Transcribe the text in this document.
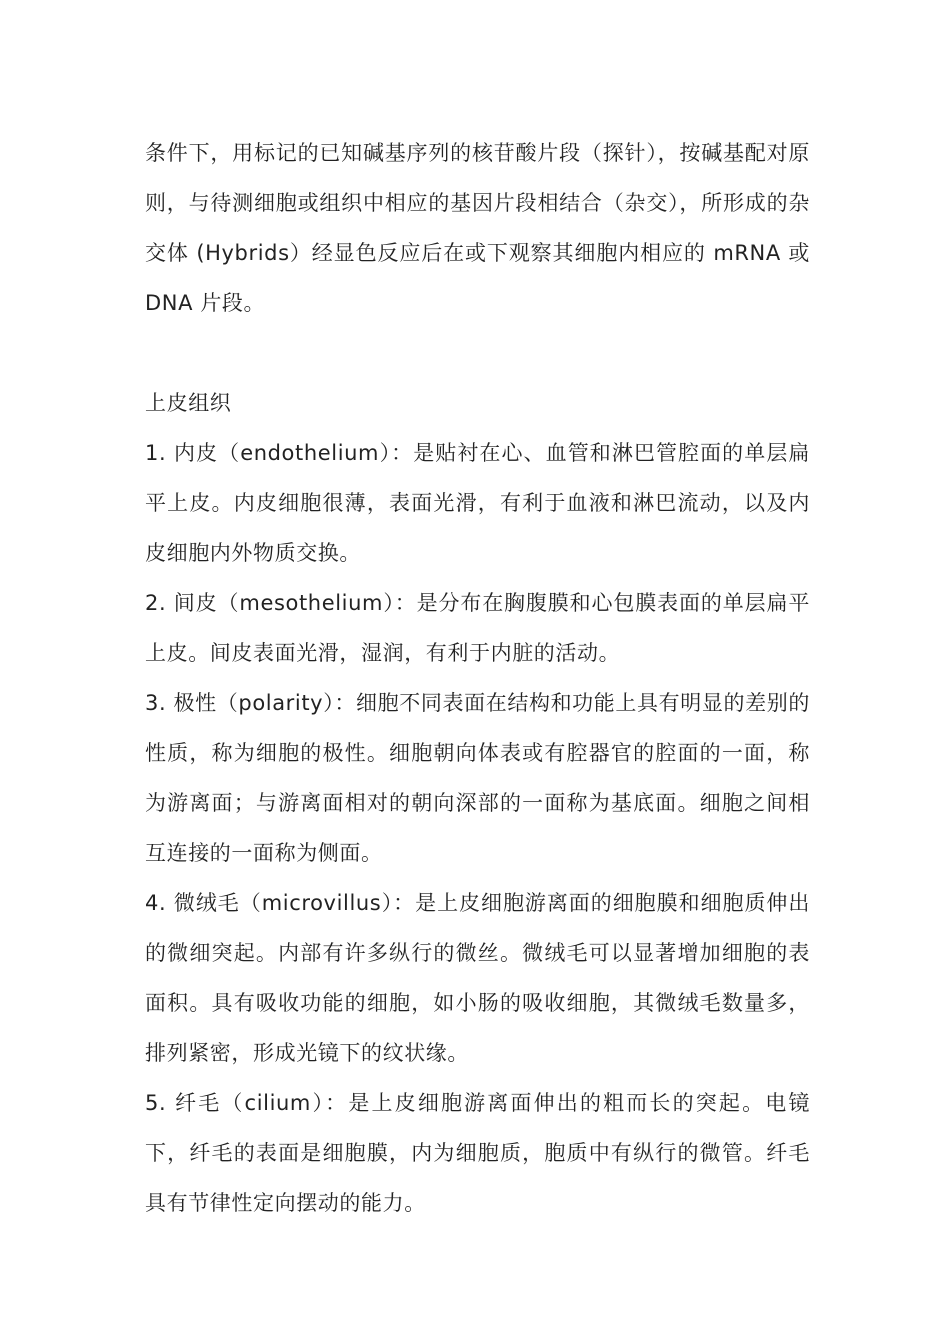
条件下，用标记的已知碱基序列的核苷酸片段（探针），按碱基配对原则，与待测细胞或组织中相应的基因片段相结合（杂交），所形成的杂交体 (Hybrids）经显色反应后在或下观察其细胞内相应的 mRNA 或 DNA 片段。

上皮组织

1. 内皮（endothelium）：是贴衬在心、血管和淋巴管腔面的单层扁平上皮。内皮细胞很薄，表面光滑，有利于血液和淋巴流动，以及内皮细胞内外物质交换。

2. 间皮（mesothelium）：是分布在胸腹膜和心包膜表面的单层扁平上皮。间皮表面光滑，湿润，有利于内脏的活动。

3. 极性（polarity）：细胞不同表面在结构和功能上具有明显的差别的性质，称为细胞的极性。细胞朝向体表或有腔器官的腔面的一面，称为游离面；与游离面相对的朝向深部的一面称为基底面。细胞之间相互连接的一面称为侧面。

4. 微绒毛（microvillus）：是上皮细胞游离面的细胞膜和细胞质伸出的微细突起。内部有许多纵行的微丝。微绒毛可以显著增加细胞的表面积。具有吸收功能的细胞，如小肠的吸收细胞，其微绒毛数量多，排列紧密，形成光镜下的纹状缘。

5. 纤毛（cilium）：是上皮细胞游离面伸出的粗而长的突起。电镜下，纤毛的表面是细胞膜，内为细胞质，胞质中有纵行的微管。纤毛具有节律性定向摆动的能力。
